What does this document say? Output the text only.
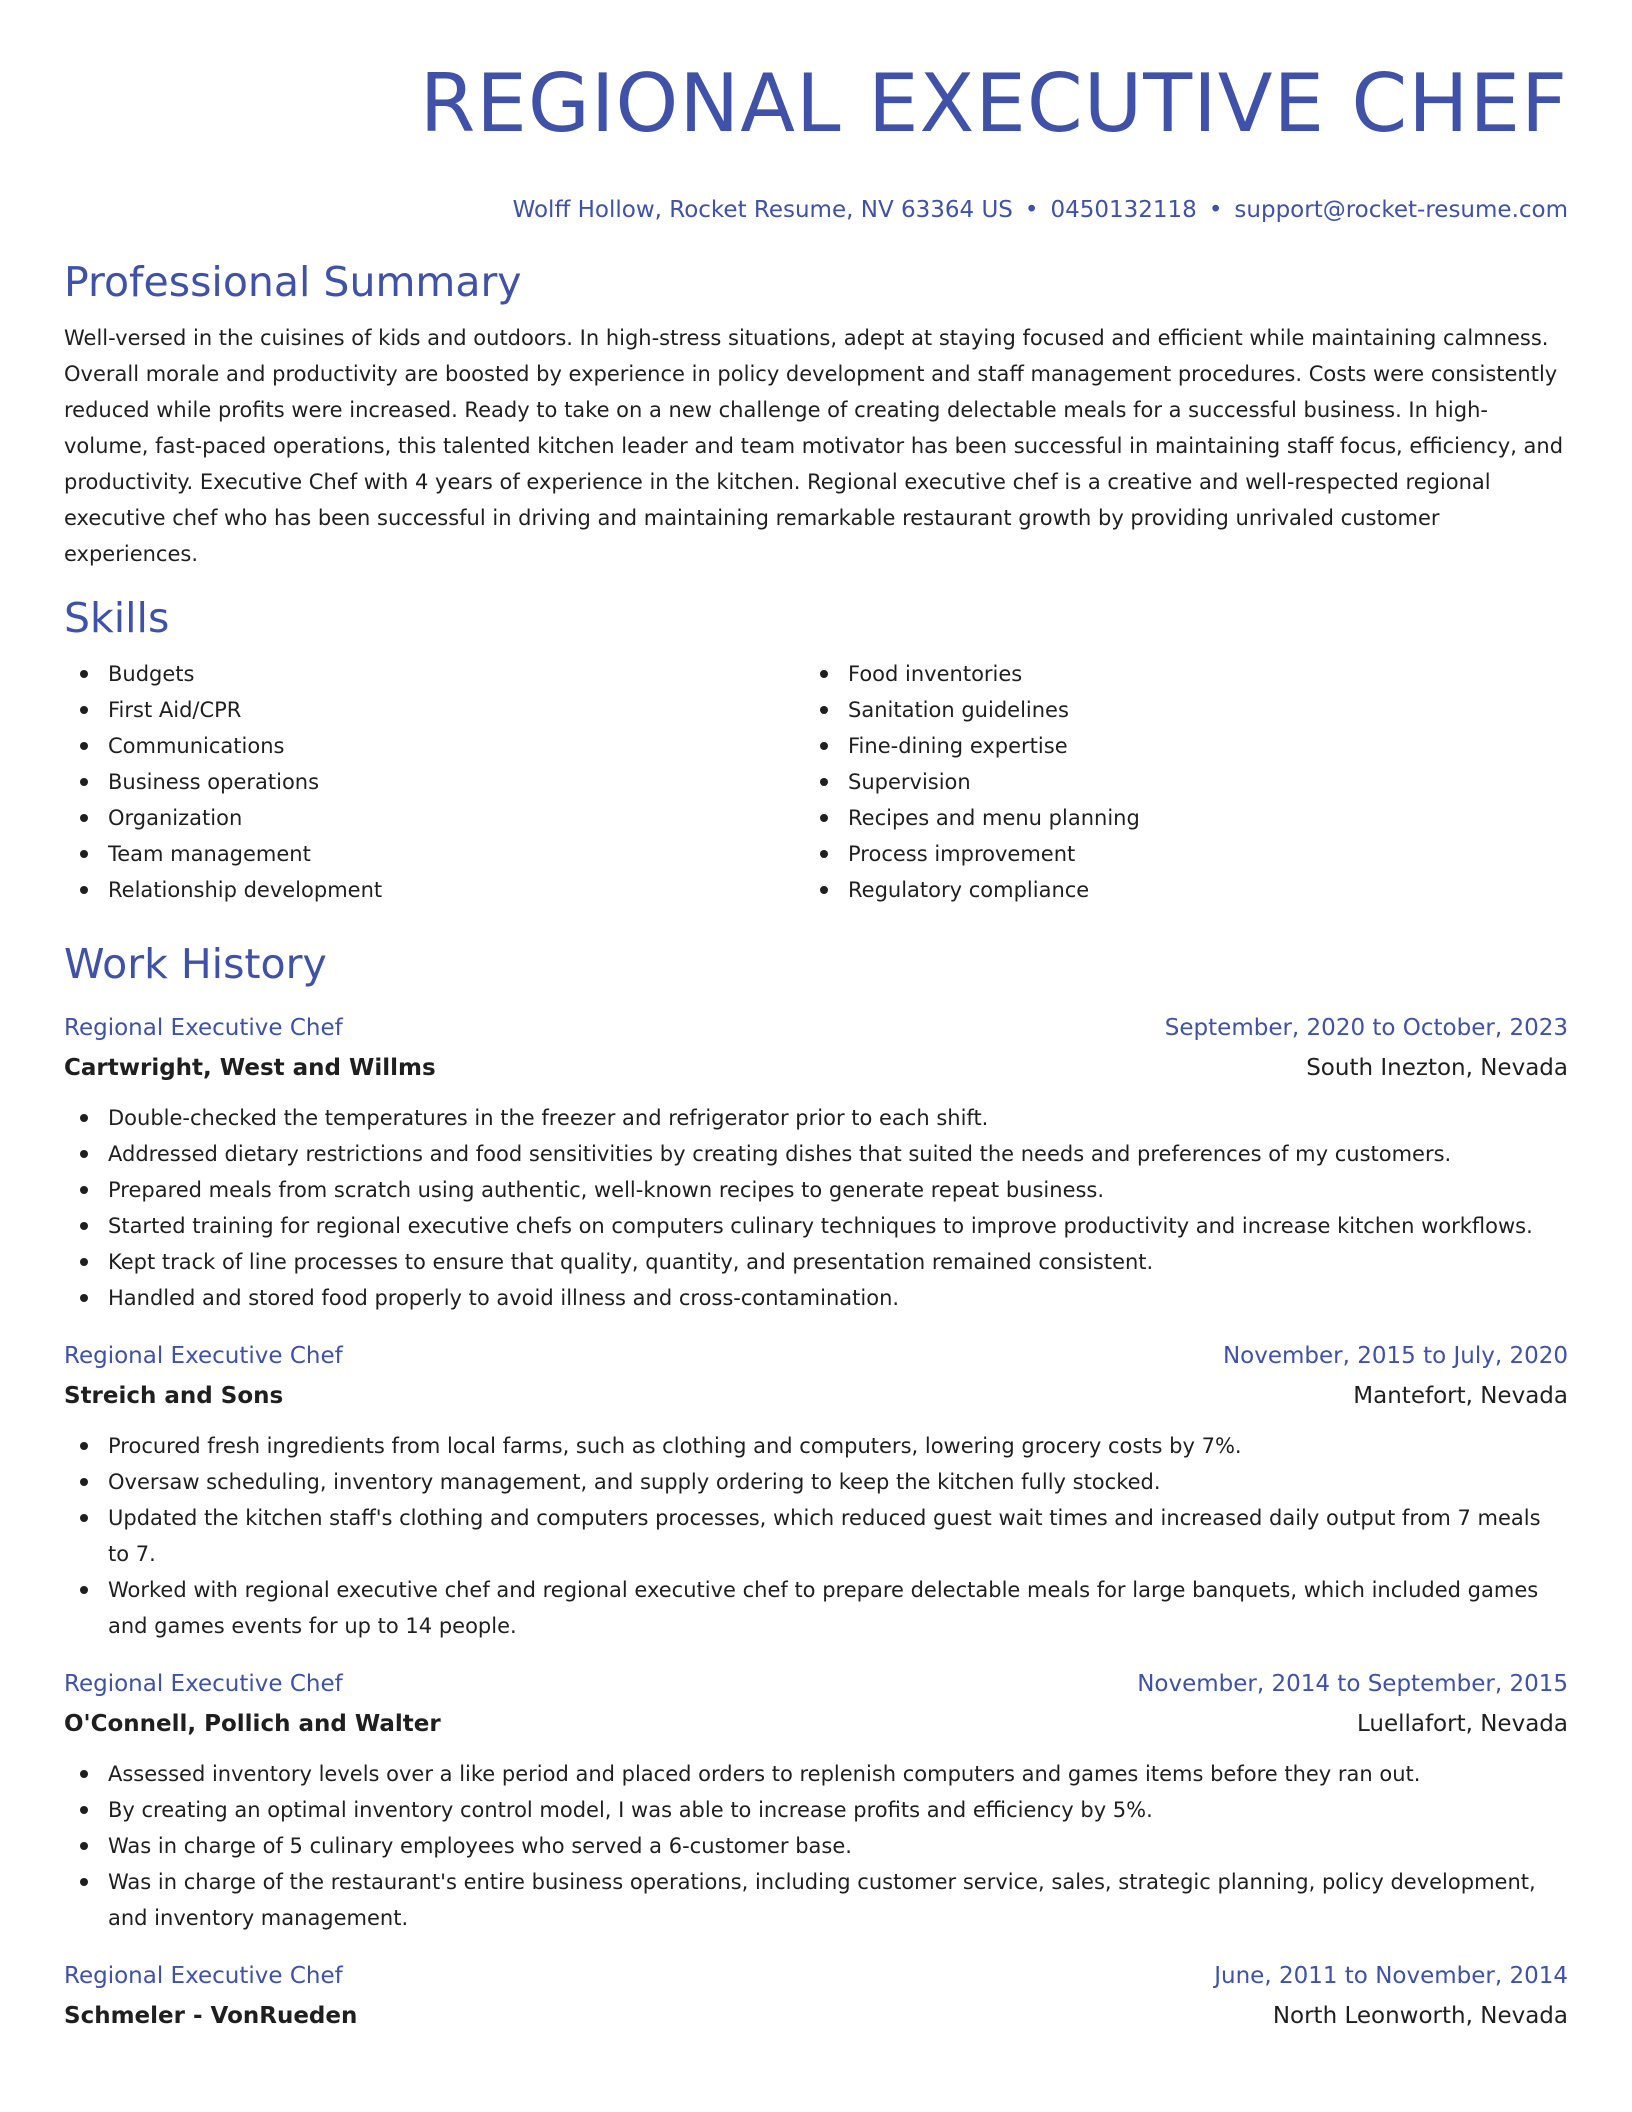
REGIONAL EXECUTIVE CHEF
Wolff Hollow, Rocket Resume, NV 63364 US • 0450132118 • support@rocket-resume.com
Professional Summary

Well-versed in the cuisines of kids and outdoors. In high-stress situations, adept at staying focused and efficient while maintaining calmness. Overall morale and productivity are boosted by experience in policy development and staff management procedures. Costs were consistently reduced while profits were increased. Ready to take on a new challenge of creating delectable meals for a successful business. In high-volume, fast-paced operations, this talented kitchen leader and team motivator has been successful in maintaining staff focus, efficiency, and productivity. Executive Chef with 4 years of experience in the kitchen. Regional executive chef is a creative and well-respected regional executive chef who has been successful in driving and maintaining remarkable restaurant growth by providing unrivaled customer experiences.

Skills
Budgets
First Aid/CPR
Communications
Business operations
Organization
Team management
Relationship development
Food inventories
Sanitation guidelines
Fine-dining expertise
Supervision
Recipes and menu planning
Process improvement
Regulatory compliance
Work History
Regional Executive Chef	September, 2020 to October, 2023
Cartwright, West and Willms	South Inezton, Nevada
Double-checked the temperatures in the freezer and refrigerator prior to each shift.
Addressed dietary restrictions and food sensitivities by creating dishes that suited the needs and preferences of my customers.
Prepared meals from scratch using authentic, well-known recipes to generate repeat business.
Started training for regional executive chefs on computers culinary techniques to improve productivity and increase kitchen workflows.
Kept track of line processes to ensure that quality, quantity, and presentation remained consistent.
Handled and stored food properly to avoid illness and cross-contamination.
Regional Executive Chef	November, 2015 to July, 2020
Streich and Sons	Mantefort, Nevada
Procured fresh ingredients from local farms, such as clothing and computers, lowering grocery costs by 7%.
Oversaw scheduling, inventory management, and supply ordering to keep the kitchen fully stocked.
Updated the kitchen staff's clothing and computers processes, which reduced guest wait times and increased daily output from 7 meals to 7.
Worked with regional executive chef and regional executive chef to prepare delectable meals for large banquets, which included games and games events for up to 14 people.
Regional Executive Chef	November, 2014 to September, 2015
O'Connell, Pollich and Walter	Luellafort, Nevada
Assessed inventory levels over a like period and placed orders to replenish computers and games items before they ran out.
By creating an optimal inventory control model, I was able to increase profits and efficiency by 5%.
Was in charge of 5 culinary employees who served a 6-customer base.
Was in charge of the restaurant's entire business operations, including customer service, sales, strategic planning, policy development, and inventory management.
Regional Executive Chef	June, 2011 to November, 2014
Schmeler - VonRueden	North Leonworth, Nevada
